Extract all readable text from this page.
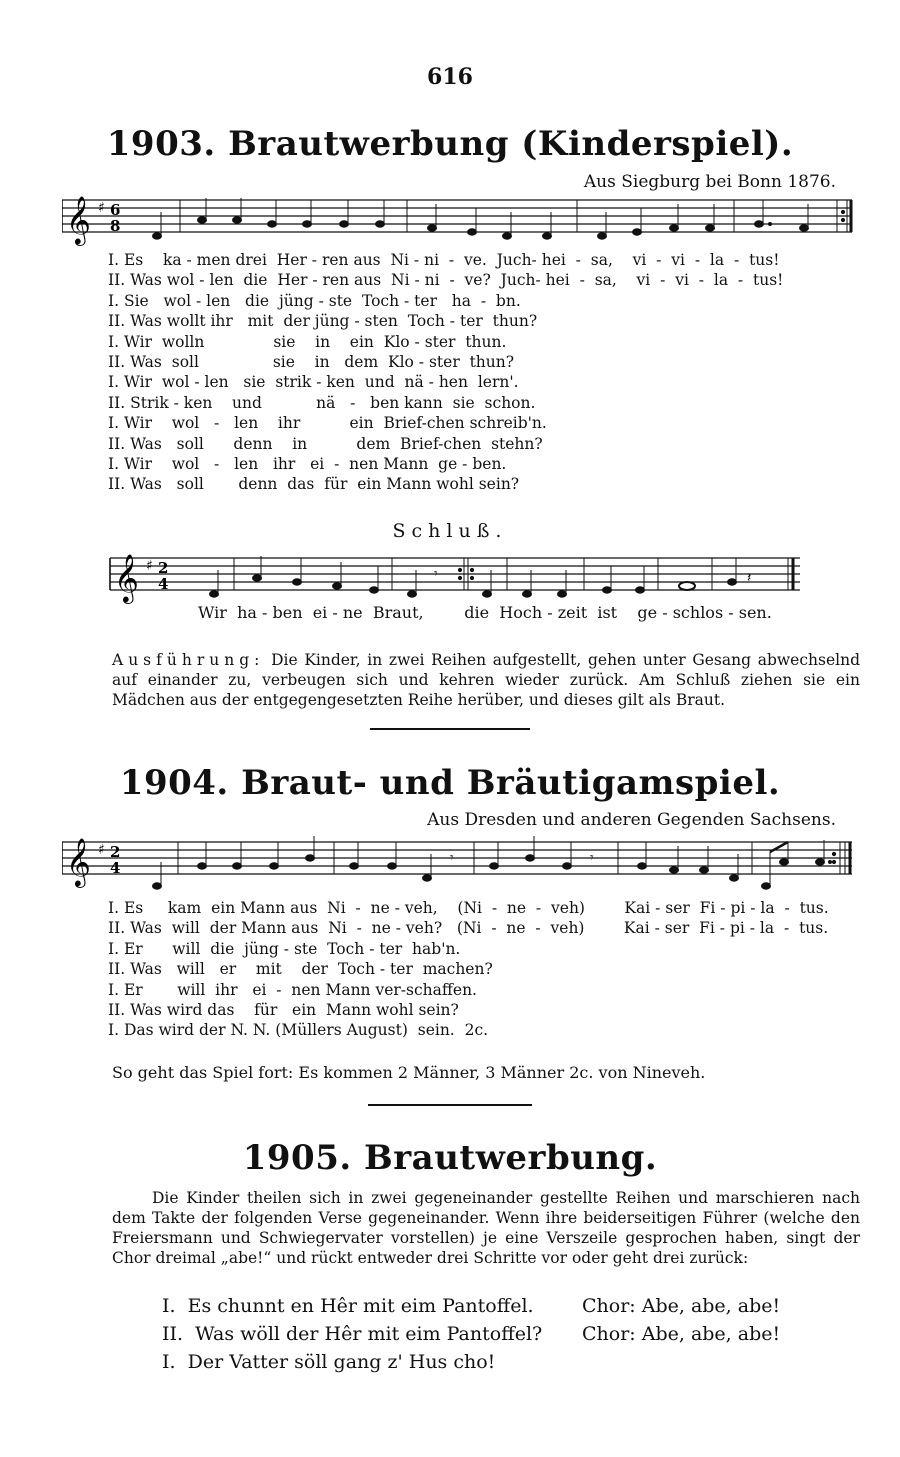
616
1903. Brautwerbung (Kinderspiel).
Aus Siegburg bei Bonn 1876.
𝄞 ♯ 6
8

I. Es    ka - men drei  Her - ren aus  Ni - ni  -  ve.  Juch- hei  -  sa,    vi  -  vi  -  la  -  tus!

II. Was wol - len  die  Her - ren aus  Ni - ni  -  ve?  Juch- hei  -  sa,    vi  -  vi  -  la  -  tus!

I. Sie   wol - len   die  jüng - ste  Toch - ter   ha  -  bn.

II. Was wollt ihr   mit  der jüng - sten  Toch - ter  thun?

I. Wir  wolln              sie    in    ein  Klo - ster  thun.

II. Was  soll               sie    in   dem  Klo - ster  thun?

I. Wir  wol - len   sie  strik - ken  und  nä - hen  lern'.

II. Strik - ken    und           nä   -   ben kann  sie  schon.

I. Wir    wol   -   len    ihr          ein  Brief-chen schreib'n.

II. Was   soll      denn    in          dem  Brief-chen  stehn?

I. Wir    wol   -   len   ihr   ei  -  nen Mann  ge - ben.

II. Was   soll       denn  das  für  ein Mann wohl sein?

Schluß.
𝄞 ♯ 2
4
𝄾	𝄽
Wir  ha - ben  ei - ne  Braut,        die  Hoch - zeit  ist    ge - schlos - sen.
Ausführung: Die Kinder, in zwei Reihen aufgestellt, gehen unter Gesang abwechselnd auf einander zu, verbeugen sich und kehren wieder zurück. Am Schluß ziehen sie ein Mädchen aus der entgegengesetzten Reihe herüber, und dieses gilt als Braut.
1904. Braut- und Bräutigamspiel.
Aus Dresden und anderen Gegenden Sachsens.
𝄞 ♯ 2
4
𝄾	𝄾

I. Es     kam  ein Mann aus  Ni  -  ne - veh,    (Ni  -  ne  -  veh)        Kai - ser  Fi - pi - la  -  tus.

II. Was  will  der Mann aus  Ni  -  ne - veh?   (Ni  -  ne  -  veh)        Kai - ser  Fi - pi - la  -  tus.

I. Er      will  die  jüng - ste  Toch - ter  hab'n.

II. Was   will   er    mit    der  Toch - ter  machen?

I. Er       will  ihr   ei  -  nen Mann ver-schaffen.

II. Was wird das    für   ein  Mann wohl sein?

I. Das wird der N. N. (Müllers August)  sein.  2c.

So geht das Spiel fort: Es kommen 2 Männer, 3 Männer 2c. von Nineveh.
1905. Brautwerbung.
Die Kinder theilen sich in zwei gegeneinander gestellte Reihen und marschieren nach dem Takte der folgenden Verse gegeneinander. Wenn ihre beiderseitigen Führer (welche den Freiersmann und Schwiegervater vorstellen) je eine Verszeile gesprochen haben, singt der Chor dreimal „abe!“ und rückt entweder drei Schritte vor oder geht drei zurück:
I.  Es chunnt en Hêr mit eim Pantoffel.	Chor: Abe, abe, abe!
II.  Was wöll der Hêr mit eim Pantoffel?	Chor: Abe, abe, abe!
I.  Der Vatter söll gang z' Hus cho!
